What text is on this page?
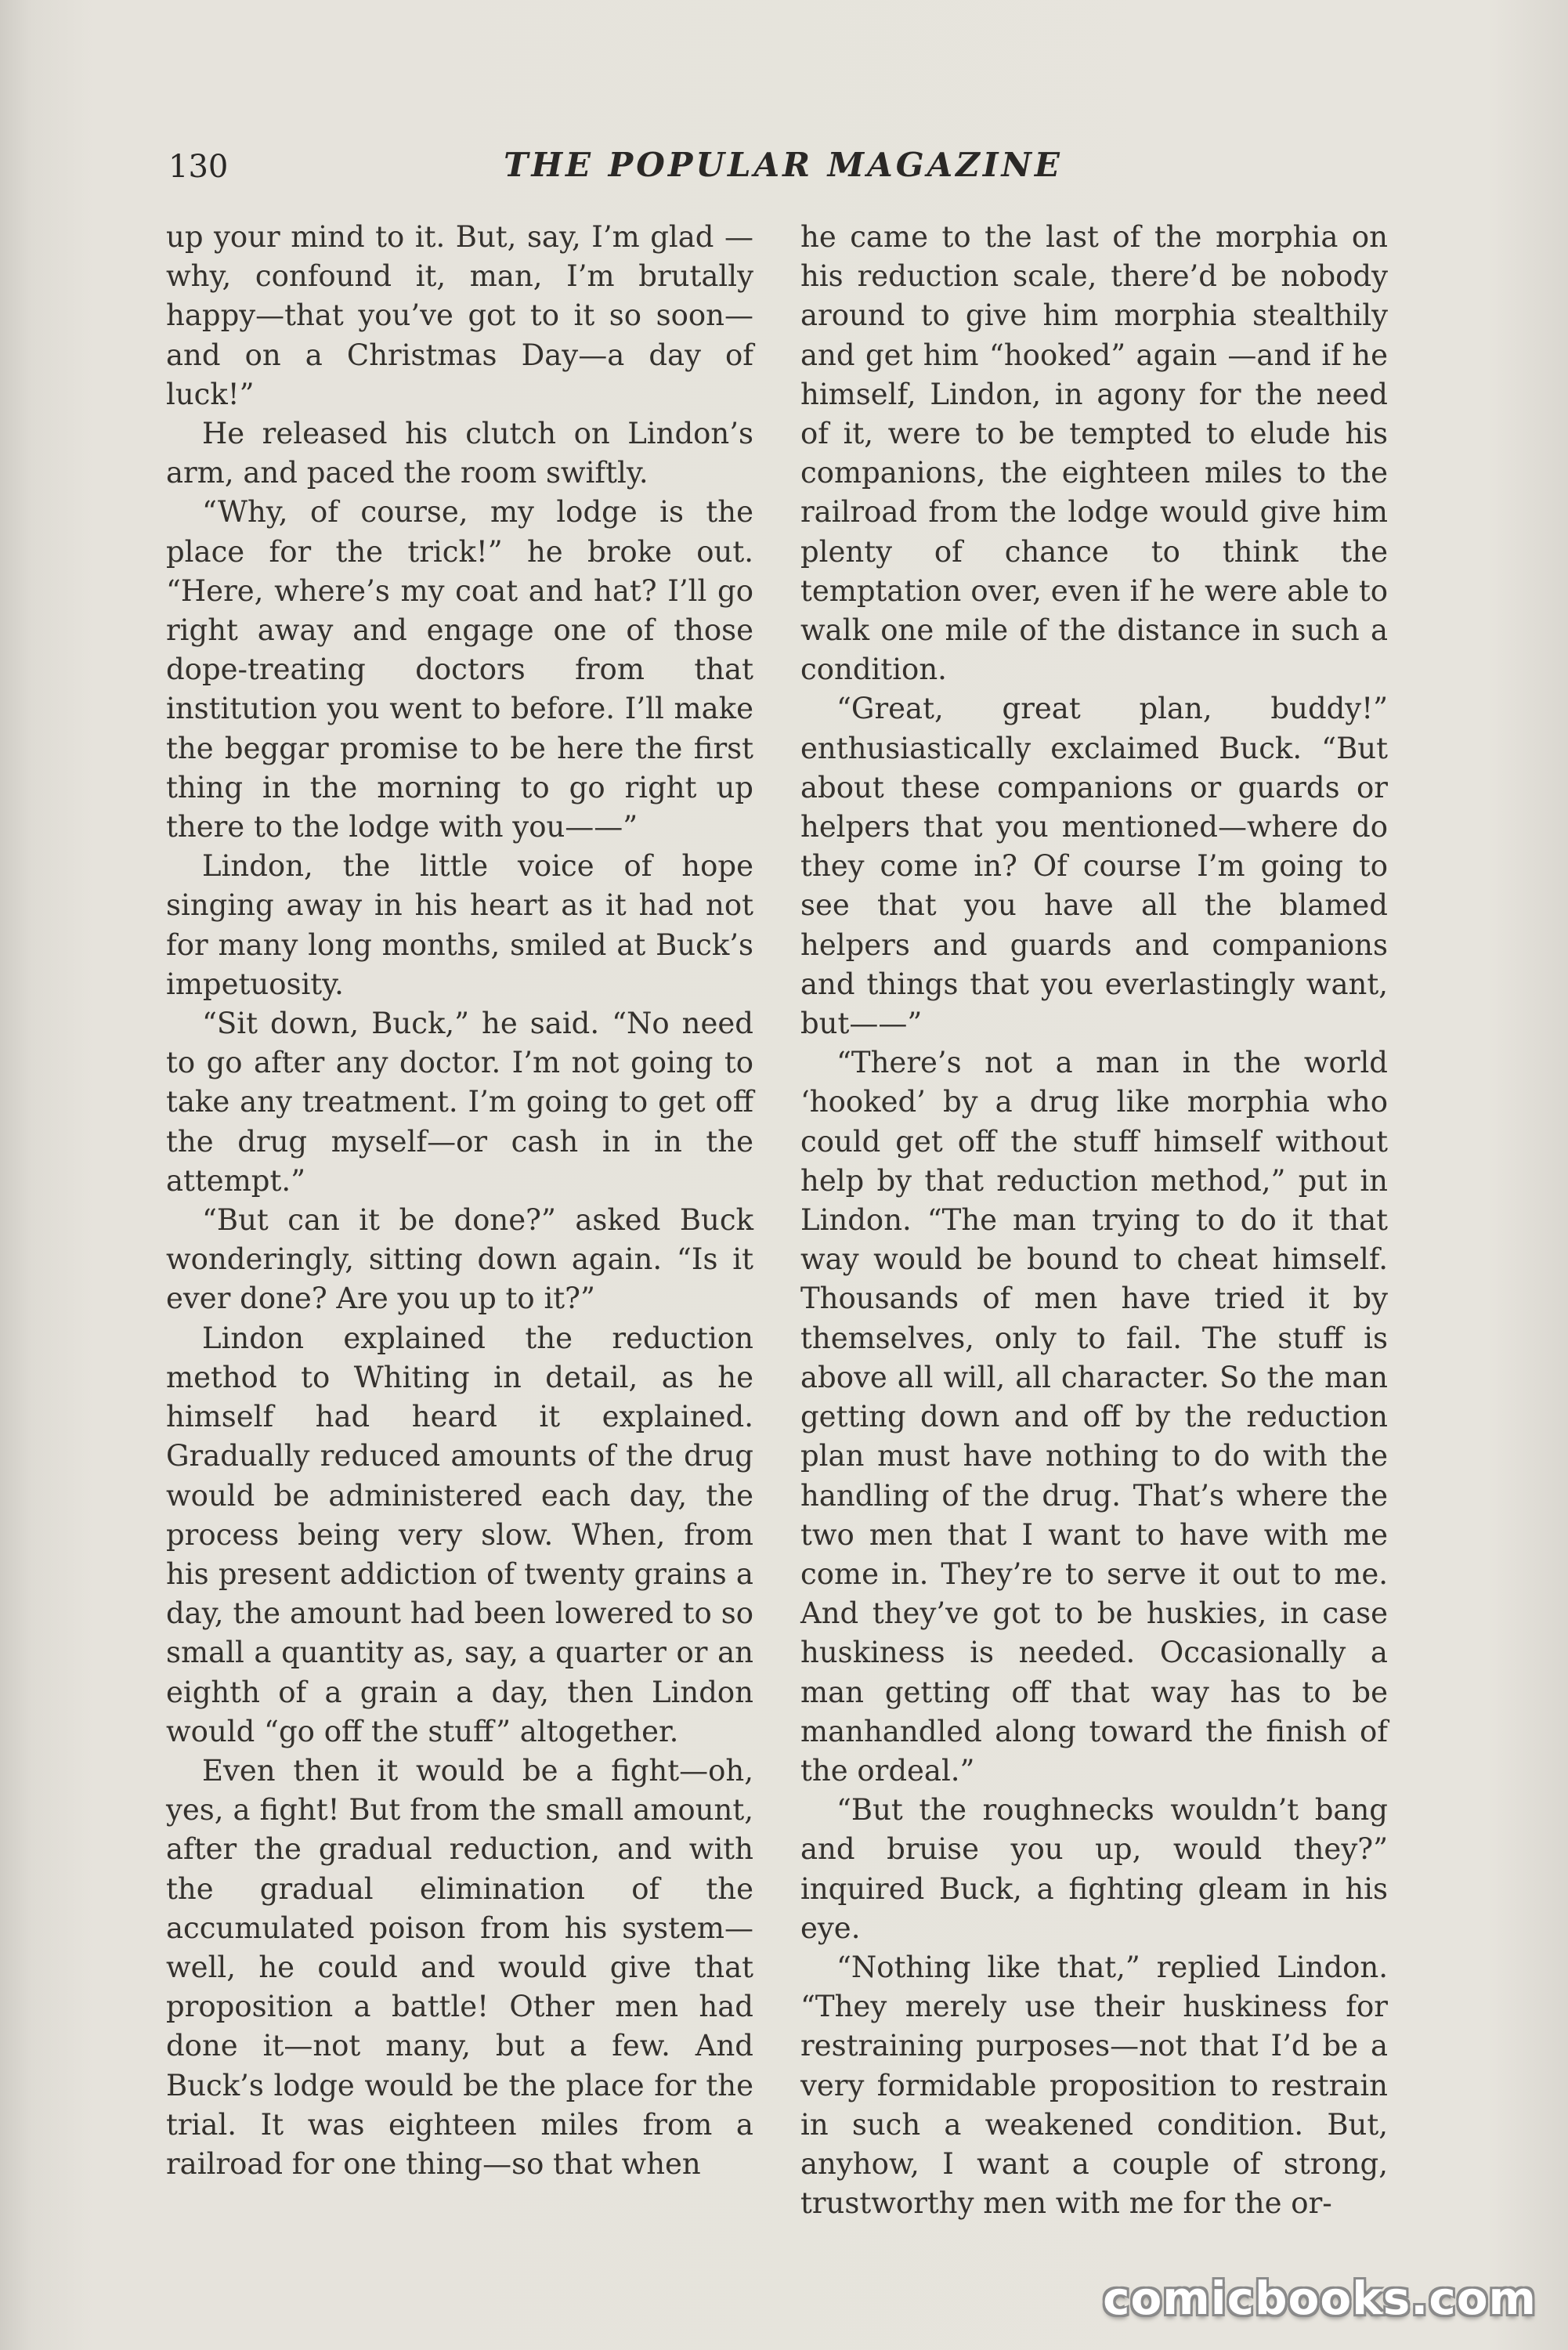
130	THE POPULAR MAGAZINE

up your mind to it. But, say, I’m glad —why, confound it, man, I’m brutally happy—that you’ve got to it so soon— and on a Christmas Day—a day of luck!”

He released his clutch on Lindon’s arm, and paced the room swiftly.

“Why, of course, my lodge is the place for the trick!” he broke out. “Here, where’s my coat and hat? I’ll go right away and engage one of those dope-treating doctors from that institution you went to before. I’ll make the beggar promise to be here the first thing in the morning to go right up there to the lodge with you——”

Lindon, the little voice of hope singing away in his heart as it had not for many long months, smiled at Buck’s impetuosity.

“Sit down, Buck,” he said. “No need to go after any doctor. I’m not going to take any treatment. I’m going to get off the drug myself—or cash in in the attempt.”

“But can it be done?” asked Buck wonderingly, sitting down again. “Is it ever done? Are you up to it?”

Lindon explained the reduction method to Whiting in detail, as he himself had heard it explained. Gradually reduced amounts of the drug would be administered each day, the process being very slow. When, from his present addiction of twenty grains a day, the amount had been lowered to so small a quantity as, say, a quarter or an eighth of a grain a day, then Lindon would “go off the stuff” altogether.

Even then it would be a fight—oh, yes, a fight! But from the small amount, after the gradual reduction, and with the gradual elimination of the accumulated poison from his system— well, he could and would give that proposition a battle! Other men had done it—not many, but a few. And Buck’s lodge would be the place for the trial. It was eighteen miles from a railroad for one thing—so that when

he came to the last of the morphia on his reduction scale, there’d be nobody around to give him morphia stealthily and get him “hooked” again —and if he himself, Lindon, in agony for the need of it, were to be tempted to elude his companions, the eighteen miles to the railroad from the lodge would give him plenty of chance to think the temptation over, even if he were able to walk one mile of the distance in such a condition.

“Great, great plan, buddy!” enthusiastically exclaimed Buck. “But about these companions or guards or helpers that you mentioned—where do they come in? Of course I’m going to see that you have all the blamed helpers and guards and companions and things that you everlastingly want, but——”

“There’s not a man in the world ‘hooked’ by a drug like morphia who could get off the stuff himself without help by that reduction method,” put in Lindon. “The man trying to do it that way would be bound to cheat himself. Thousands of men have tried it by themselves, only to fail. The stuff is above all will, all character. So the man getting down and off by the reduction plan must have nothing to do with the handling of the drug. That’s where the two men that I want to have with me come in. They’re to serve it out to me. And they’ve got to be huskies, in case huskiness is needed. Occasionally a man getting off that way has to be manhandled along toward the finish of the ordeal.”

“But the roughnecks wouldn’t bang and bruise you up, would they?” inquired Buck, a fighting gleam in his eye.

“Nothing like that,” replied Lindon. “They merely use their huskiness for restraining purposes—not that I’d be a very formidable proposition to restrain in such a weakened condition. But, anyhow, I want a couple of strong, trustworthy men with me for the or-

comicbooks.com
